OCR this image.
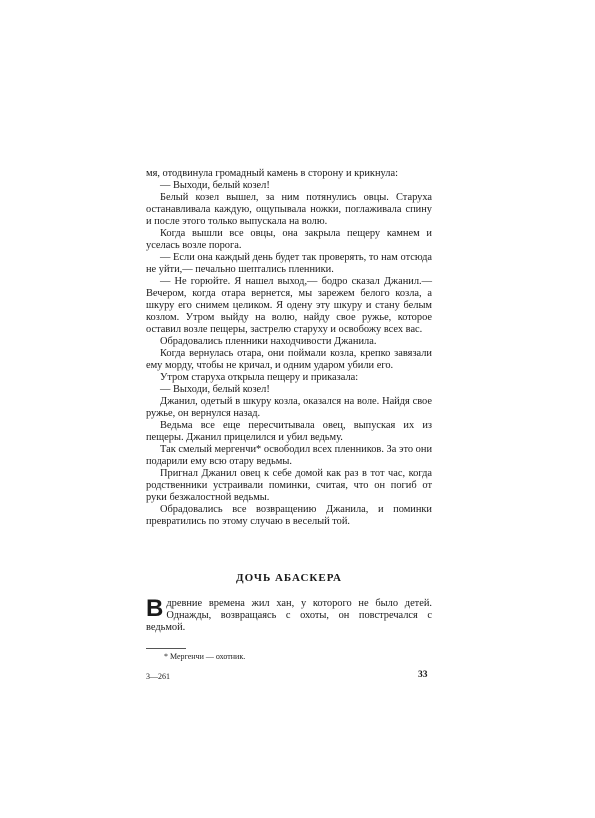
мя, отодвинула громадный камень в сторону и крикнула:

— Выходи, белый козел!

Белый козел вышел, за ним потянулись овцы. Старуха останавливала каждую, ощупывала ножки, поглаживала спину и после этого только выпускала на волю.

Когда вышли все овцы, она закрыла пещеру камнем и уселась возле порога.

— Если она каждый день будет так проверять, то нам отсюда не уйти,— печально шептались пленники.

— Не горюйте. Я нашел выход,— бодро сказал Джанил.— Вечером, когда отара вернется, мы зарежем белого козла, а шкуру его снимем целиком. Я одену эту шкуру и стану белым козлом. Утром выйду на волю, найду свое ружье, которое оставил возле пещеры, застрелю старуху и освобожу всех вас.

Обрадовались пленники находчивости Джанила.

Когда вернулась отара, они поймали козла, крепко завязали ему морду, чтобы не кричал, и одним ударом убили его.

Утром старуха открыла пещеру и приказала:

— Выходи, белый козел!

Джанил, одетый в шкуру козла, оказался на воле. Найдя свое ружье, он вернулся назад.

Ведьма все еще пересчитывала овец, выпуская их из пещеры. Джанил прицелился и убил ведьму.

Так смелый мергенчи* освободил всех пленников. За это они подарили ему всю отару ведьмы.

Пригнал Джанил овец к себе домой как раз в тот час, когда родственники устраивали поминки, считая, что он погиб от руки безжалостной ведьмы.

Обрадовались все возвращению Джанила, и поминки превратились по этому случаю в веселый той.

ДОЧЬ АБАСКЕРА
Вдревние времена жил хан, у которого не было детей. Однажды, возвращаясь с охоты, он повстречался с ведьмой.
* Мергенчи — охотник.
3—261	33
